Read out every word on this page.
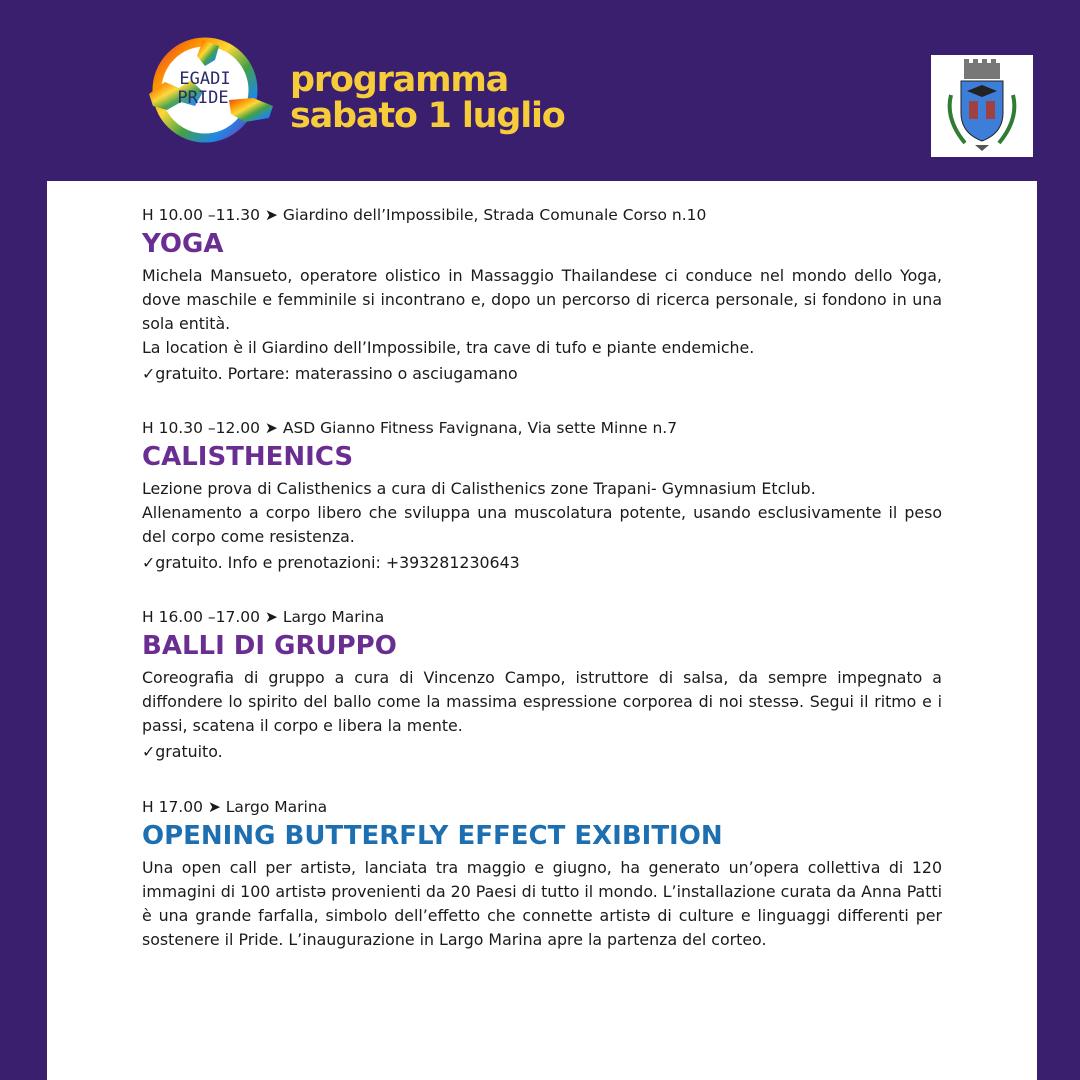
EGADI
PRIDE programma
sabato 1 luglio
H 10.00 –11.30 ➤ Giardino dell’Impossibile, Strada Comunale Corso n.10
YOGA

Michela Mansueto, operatore olistico in Massaggio Thailandese ci conduce nel mondo dello Yoga, dove maschile e femminile si incontrano e, dopo un percorso di ricerca personale, si fondono in una sola entità.

La location è il Giardino dell’Impossibile, tra cave di tufo e piante endemiche.

✓gratuito. Portare: materassino o asciugamano
H 10.30 –12.00 ➤ ASD Gianno Fitness Favignana, Via sette Minne n.7
CALISTHENICS

Lezione prova di Calisthenics a cura di Calisthenics zone Trapani- Gymnasium Etclub.

Allenamento a corpo libero che sviluppa una muscolatura potente, usando esclusivamente il peso del corpo come resistenza.

✓gratuito. Info e prenotazioni: +393281230643
H 16.00 –17.00 ➤ Largo Marina
BALLI DI GRUPPO

Coreografia di gruppo a cura di Vincenzo Campo, istruttore di salsa, da sempre impegnato a diffondere lo spirito del ballo come la massima espressione corporea di noi stessə. Segui il ritmo e i passi, scatena il corpo e libera la mente.

✓gratuito.
H 17.00 ➤ Largo Marina
OPENING BUTTERFLY EFFECT EXIBITION

Una open call per artistə, lanciata tra maggio e giugno, ha generato un’opera collettiva di 120 immagini di 100 artistə provenienti da 20 Paesi di tutto il mondo. L’installazione curata da Anna Patti è una grande farfalla, simbolo dell’effetto che connette artistə di culture e linguaggi differenti per sostenere il Pride. L’inaugurazione in Largo Marina apre la partenza del corteo.
